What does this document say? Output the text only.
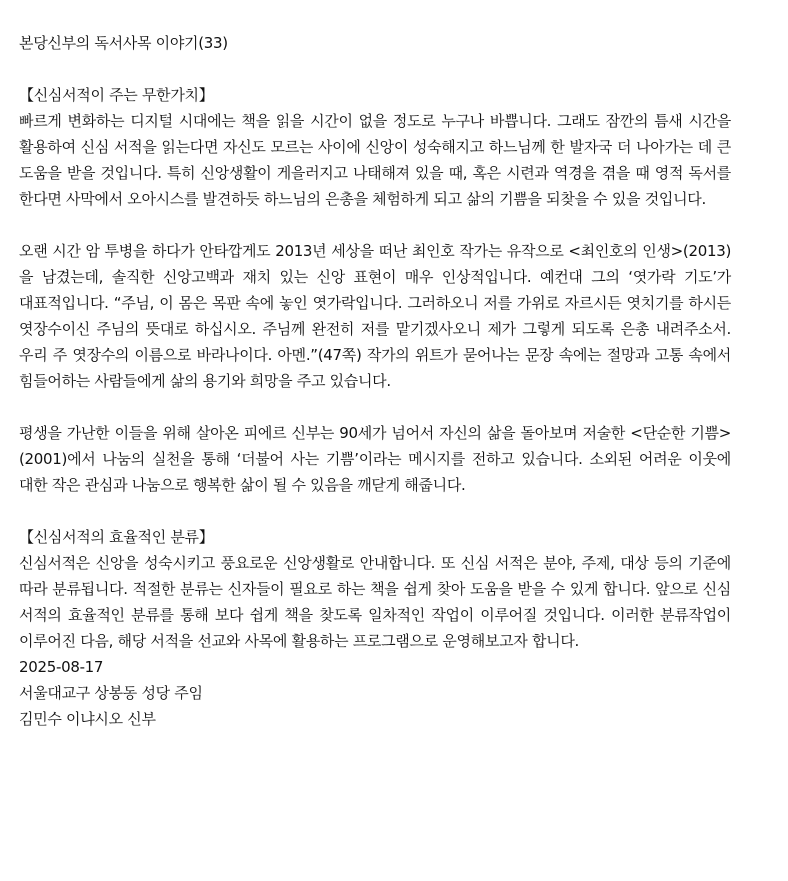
본당신부의 독서사목 이야기(33)

【신심서적이 주는 무한가치】

빠르게 변화하는 디지털 시대에는 책을 읽을 시간이 없을 정도로 누구나 바쁩니다. 그래도 잠깐의 틈새 시간을 활용하여 신심 서적을 읽는다면 자신도 모르는 사이에 신앙이 성숙해지고 하느님께 한 발자국 더 나아가는 데 큰 도움을 받을 것입니다. 특히 신앙생활이 게을러지고 나태해져 있을 때, 혹은 시련과 역경을 겪을 때 영적 독서를 한다면 사막에서 오아시스를 발견하듯 하느님의 은총을 체험하게 되고 삶의 기쁨을 되찾을 수 있을 것입니다.

오랜 시간 암 투병을 하다가 안타깝게도 2013년 세상을 떠난 최인호 작가는 유작으로 <최인호의 인생>(2013)을 남겼는데, 솔직한 신앙고백과 재치 있는 신앙 표현이 매우 인상적입니다. 예컨대 그의 ‘엿가락 기도’가 대표적입니다. “주님, 이 몸은 목판 속에 놓인 엿가락입니다. 그러하오니 저를 가위로 자르시든 엿치기를 하시든 엿장수이신 주님의 뜻대로 하십시오. 주님께 완전히 저를 맡기겠사오니 제가 그렇게 되도록 은총 내려주소서. 우리 주 엿장수의 이름으로 바라나이다. 아멘.”(47쪽) 작가의 위트가 묻어나는 문장 속에는 절망과 고통 속에서 힘들어하는 사람들에게 삶의 용기와 희망을 주고 있습니다.

평생을 가난한 이들을 위해 살아온 피에르 신부는 90세가 넘어서 자신의 삶을 돌아보며 저술한 <단순한 기쁨>(2001)에서 나눔의 실천을 통해 ‘더불어 사는 기쁨’이라는 메시지를 전하고 있습니다. 소외된 어려운 이웃에 대한 작은 관심과 나눔으로 행복한 삶이 될 수 있음을 깨닫게 해줍니다.

【신심서적의 효율적인 분류】

신심서적은 신앙을 성숙시키고 풍요로운 신앙생활로 안내합니다. 또 신심 서적은 분야, 주제, 대상 등의 기준에 따라 분류됩니다. 적절한 분류는 신자들이 필요로 하는 책을 쉽게 찾아 도움을 받을 수 있게 합니다. 앞으로 신심 서적의 효율적인 분류를 통해 보다 쉽게 책을 찾도록 일차적인 작업이 이루어질 것입니다. 이러한 분류작업이 이루어진 다음, 해당 서적을 선교와 사목에 활용하는 프로그램으로 운영해보고자 합니다.

2025-08-17

서울대교구 상봉동 성당 주임

김민수 이냐시오 신부
